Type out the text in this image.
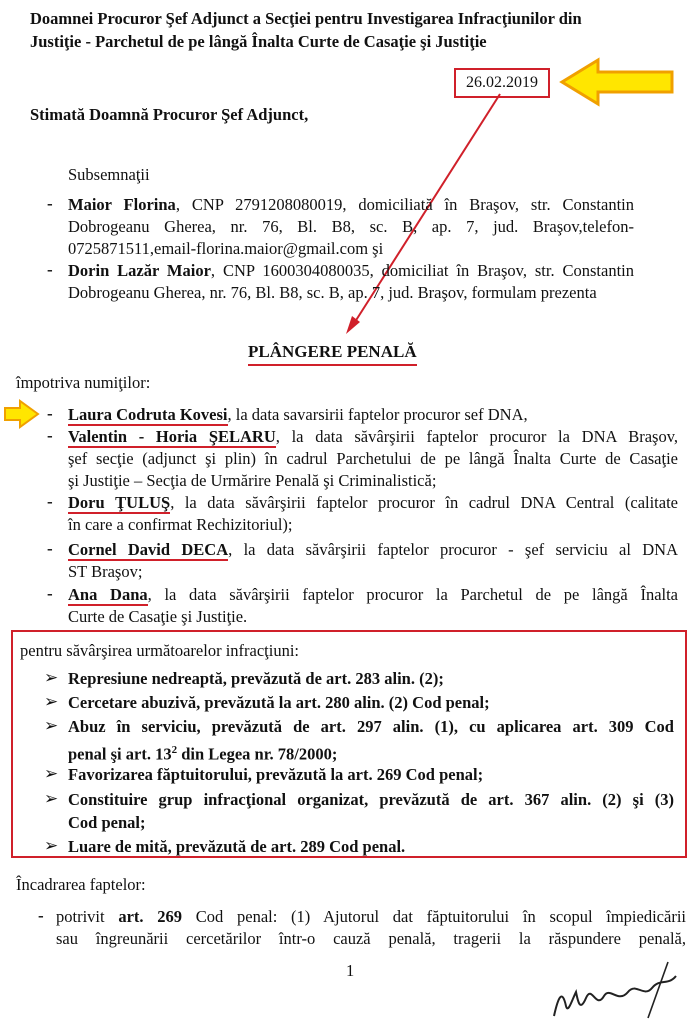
Doamnei Procuror Şef Adjunct a Secţiei pentru Investigarea Infracţiunilor din
Justiţie - Parchetul de pe lângă Înalta Curte de Casaţie şi Justiţie
26.02.2019
Stimată Doamnă Procuror Şef Adjunct,
Subsemnaţii
- Maior Florina, CNP 2791208080019, domiciliată în Braşov, str. Constantin
Dobrogeanu Gherea, nr. 76, Bl. B8, sc. B, ap. 7, jud. Braşov,telefon-
0725871511,email-florina.maior@gmail.com şi
- Dorin Lazăr Maior, CNP 1600304080035, domiciliat în Braşov, str. Constantin
Dobrogeanu Gherea, nr. 76, Bl. B8, sc. B, ap. 7, jud. Braşov, formulam prezenta
PLÂNGERE PENALĂ
împotriva numiţilor:
- Laura Codruta Kovesi, la data savarsirii faptelor procuror sef DNA,
- Valentin - Horia ŞELARU, la data săvârşirii faptelor procuror la DNA Braşov,
şef secţie (adjunct şi plin) în cadrul Parchetului de pe lângă Înalta Curte de Casaţie
şi Justiţie – Secţia de Urmărire Penală şi Criminalistică;
- Doru ŢULUŞ, la data săvârşirii faptelor procuror în cadrul DNA Central (calitate
în care a confirmat Rechizitoriul);
- Cornel David DECA, la data săvârşirii faptelor procuror - şef serviciu al DNA
ST Braşov;
- Ana Dana, la data săvârşirii faptelor procuror la Parchetul de pe lângă Înalta
Curte de Casaţie şi Justiţie.
pentru săvârşirea următoarelor infracţiuni:
➢ Represiune nedreaptă, prevăzută de art. 283 alin. (2);
➢ Cercetare abuzivă, prevăzută la art. 280 alin. (2) Cod penal;
➢ Abuz în serviciu, prevăzută de art. 297 alin. (1), cu aplicarea art. 309 Cod
penal şi art. $13^2$ din Legea nr. 78/2000;
➢ Favorizarea făptuitorului, prevăzută la art. 269 Cod penal;
➢ Constituire grup infracţional organizat, prevăzută de art. 367 alin. (2) şi (3)
Cod penal;
➢ Luare de mită, prevăzută de art. 289 Cod penal.
Încadrarea faptelor:
- potrivit art. 269 Cod penal: (1) Ajutorul dat făptuitorului în scopul împiedicării
sau îngreunării cercetărilor într-o cauză penală, tragerii la răspundere penală,
1
